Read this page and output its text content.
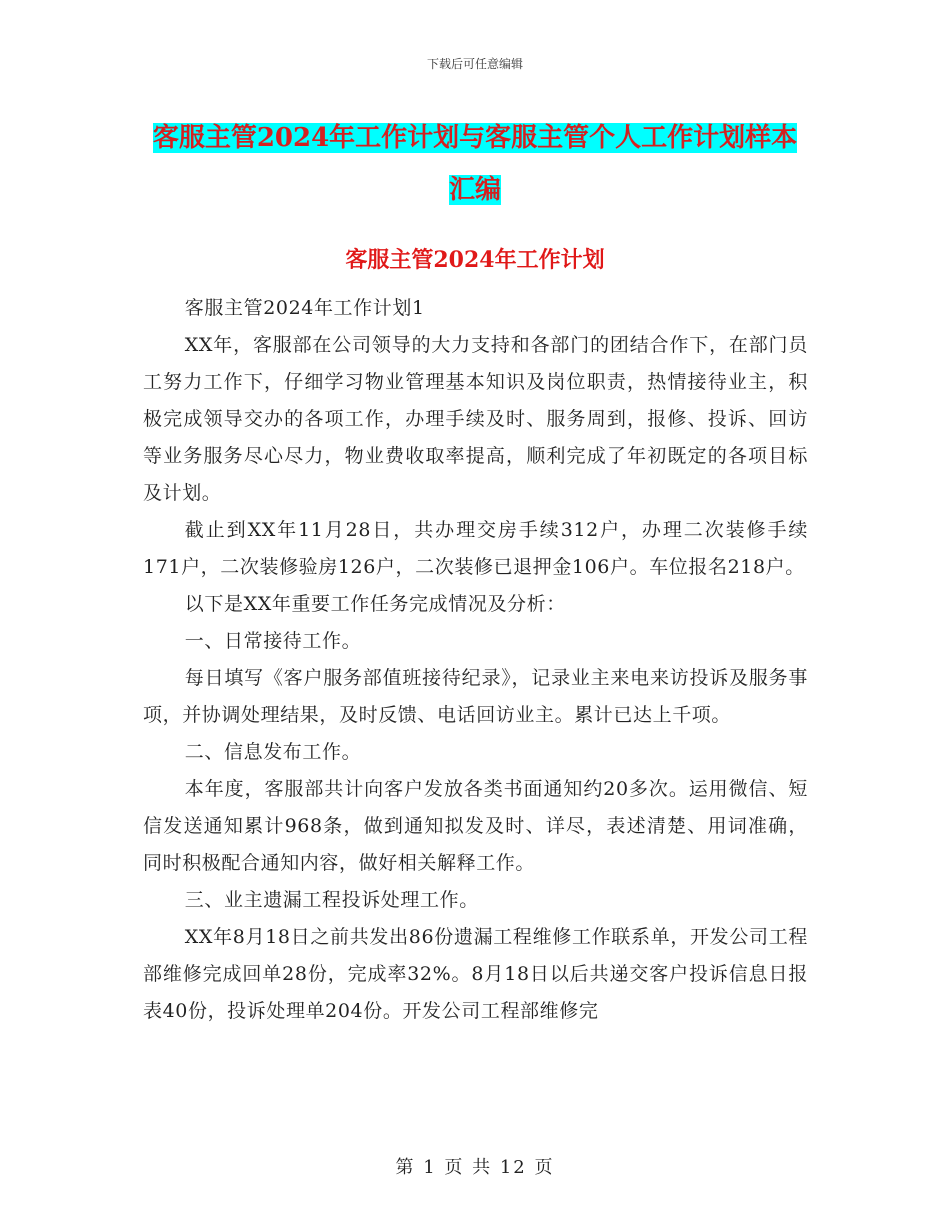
下载后可任意编辑
客服主管2024年工作计划与客服主管个人工作计划样本汇编
客服主管2024年工作计划

客服主管2024年工作计划1

XX年，客服部在公司领导的大力支持和各部门的团结合作下，在部门员工努力工作下，仔细学习物业管理基本知识及岗位职责，热情接待业主，积极完成领导交办的各项工作，办理手续及时、服务周到，报修、投诉、回访等业务服务尽心尽力，物业费收取率提高，顺利完成了年初既定的各项目标及计划。

截止到XX年11月28日，共办理交房手续312户，办理二次装修手续171户，二次装修验房126户，二次装修已退押金106户。车位报名218户。

以下是XX年重要工作任务完成情况及分析：

一、日常接待工作。

每日填写《客户服务部值班接待纪录》，记录业主来电来访投诉及服务事项，并协调处理结果，及时反馈、电话回访业主。累计已达上千项。

二、信息发布工作。

本年度，客服部共计向客户发放各类书面通知约20多次。运用微信、短信发送通知累计968条，做到通知拟发及时、详尽，表述清楚、用词准确，同时积极配合通知内容，做好相关解释工作。

三、业主遗漏工程投诉处理工作。

XX年8月18日之前共发出86份遗漏工程维修工作联系单，开发公司工程部维修完成回单28份，完成率32%。8月18日以后共递交客户投诉信息日报表40份，投诉处理单204份。开发公司工程部维修完

第 1 页 共 12 页
